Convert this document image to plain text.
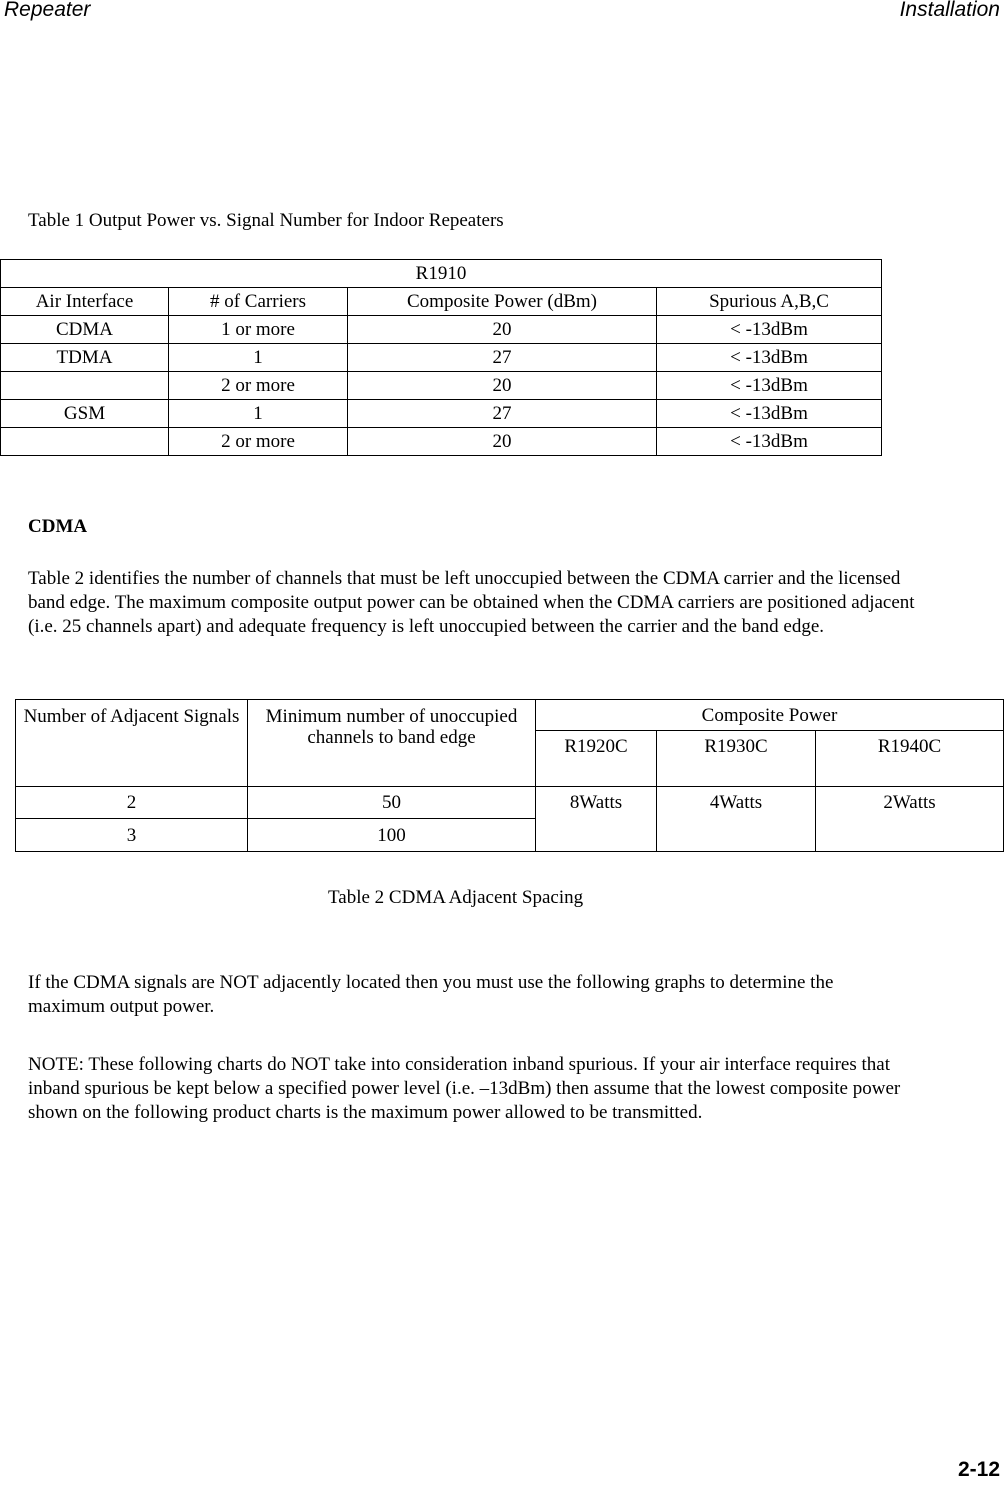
Repeater	Installation
Table 1 Output Power vs. Signal Number for Indoor Repeaters
R1910			
Air Interface	# of Carriers	Composite Power (dBm)	Spurious A,B,C
CDMA	1 or more	20	< -13dBm
TDMA	1	27	< -13dBm
	2 or more	20	< -13dBm
GSM	1	27	< -13dBm
	2 or more	20	< -13dBm
CDMA

Table 2 identifies the number of channels that must be left unoccupied between the CDMA carrier and the licensed band edge. The maximum composite output power can be obtained when the CDMA carriers are positioned adjacent (i.e. 25 channels apart) and adequate frequency is left unoccupied between the carrier and the band edge.

Number of Adjacent Signals	Minimum number of unoccupied channels to band edge	Composite Power		
		R1920C	R1930C	R1940C
2	50	8Watts	4Watts	2Watts
3	100			
Table 2 CDMA Adjacent Spacing

If the CDMA signals are NOT adjacently located then you must use the following graphs to determine the maximum output power.

NOTE: These following charts do NOT take into consideration inband spurious. If your air interface requires that inband spurious be kept below a specified power level (i.e. –13dBm) then assume that the lowest composite power shown on the following product charts is the maximum power allowed to be transmitted.

2-12
